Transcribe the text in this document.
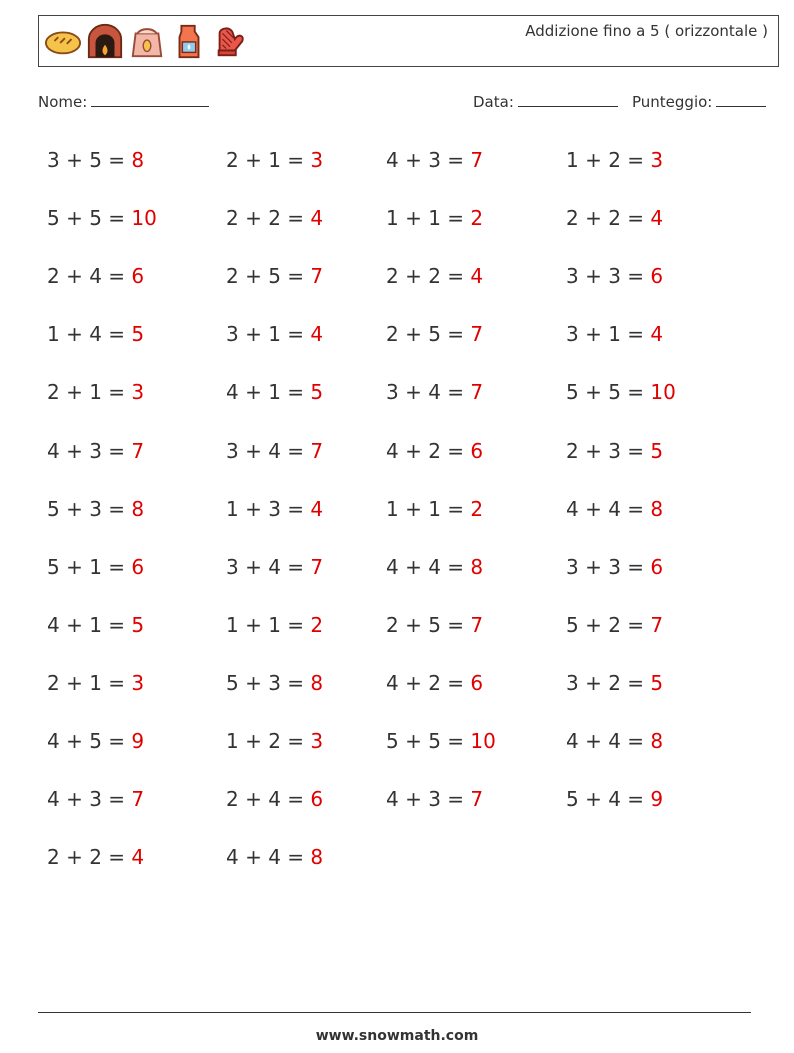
Addizione fino a 5 ( orizzontale )
Nome:	Data:	Punteggio:
3 + 5 = 8	2 + 1 = 3	4 + 3 = 7	1 + 2 = 3
5 + 5 = 10	2 + 2 = 4	1 + 1 = 2	2 + 2 = 4
2 + 4 = 6	2 + 5 = 7	2 + 2 = 4	3 + 3 = 6
1 + 4 = 5	3 + 1 = 4	2 + 5 = 7	3 + 1 = 4
2 + 1 = 3	4 + 1 = 5	3 + 4 = 7	5 + 5 = 10
4 + 3 = 7	3 + 4 = 7	4 + 2 = 6	2 + 3 = 5
5 + 3 = 8	1 + 3 = 4	1 + 1 = 2	4 + 4 = 8
5 + 1 = 6	3 + 4 = 7	4 + 4 = 8	3 + 3 = 6
4 + 1 = 5	1 + 1 = 2	2 + 5 = 7	5 + 2 = 7
2 + 1 = 3	5 + 3 = 8	4 + 2 = 6	3 + 2 = 5
4 + 5 = 9	1 + 2 = 3	5 + 5 = 10	4 + 4 = 8
4 + 3 = 7	2 + 4 = 6	4 + 3 = 7	5 + 4 = 9
2 + 2 = 4	4 + 4 = 8
www.snowmath.com
